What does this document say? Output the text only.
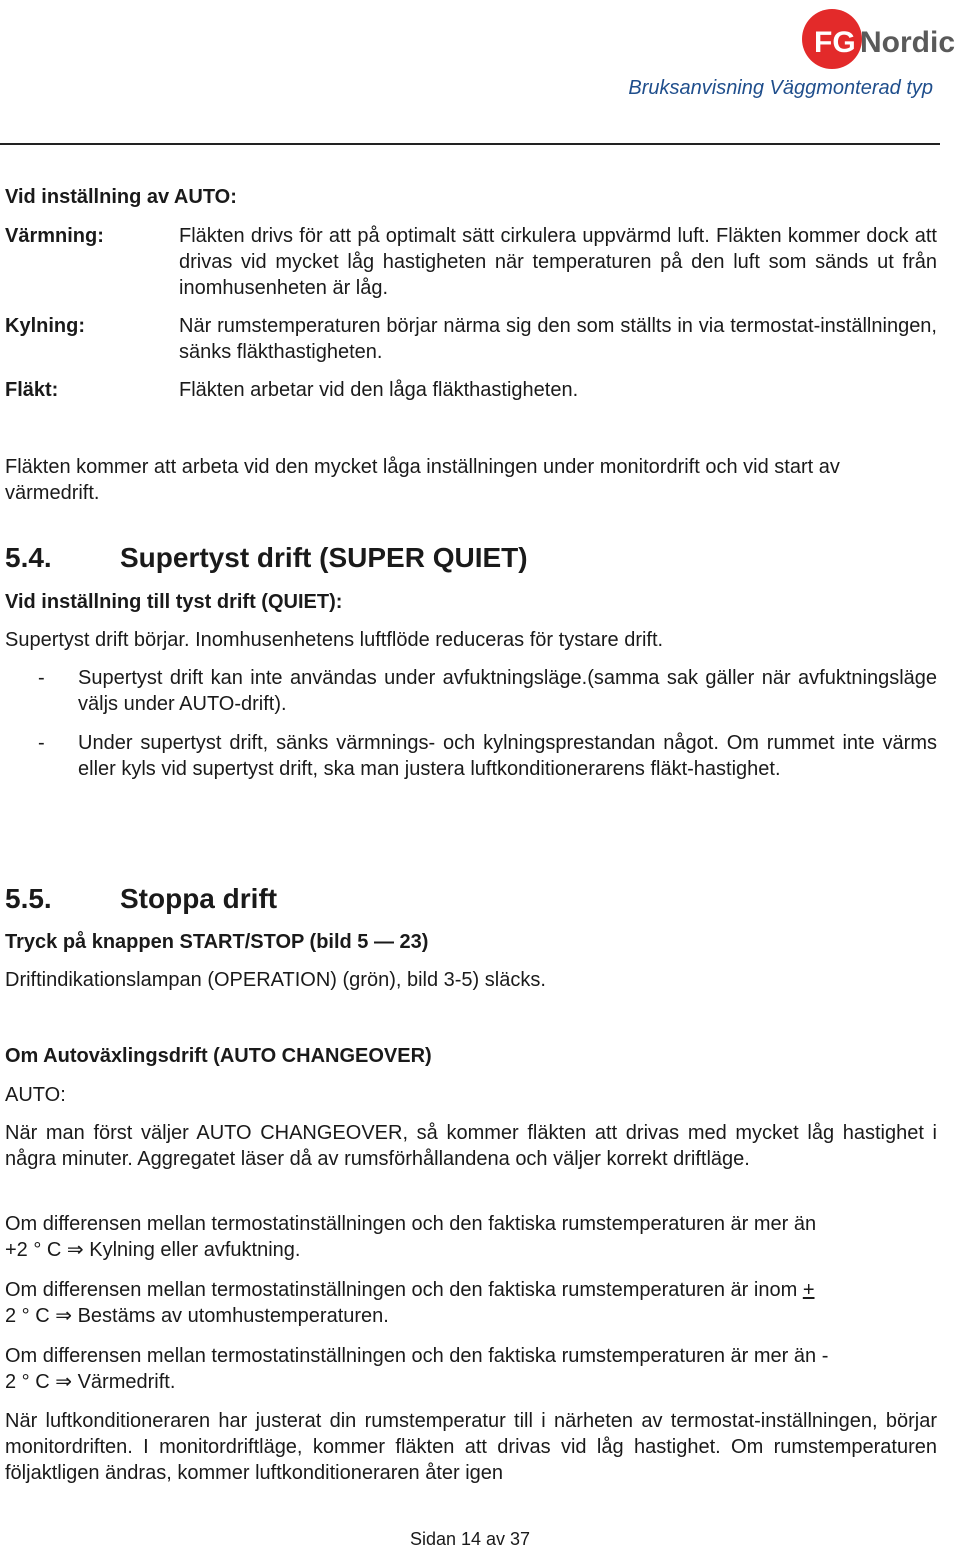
FG Nordic
Bruksanvisning Väggmonterad typ
Vid inställning av AUTO:
Värmning:	Fläkten drivs för att på optimalt sätt cirkulera uppvärmd luft. Fläkten kommer dock att drivas vid mycket låg hastigheten när temperaturen på den luft som sänds ut från inomhusenheten är låg.
Kylning:	När rumstemperaturen börjar närma sig den som ställts in via termostat-inställningen, sänks fläkthastigheten.
Fläkt:	Fläkten arbetar vid den låga fläkthastigheten.
Fläkten kommer att arbeta vid den mycket låga inställningen under monitordrift och vid start av värmedrift.
5.4. Supertyst drift (SUPER QUIET)
Vid inställning till tyst drift (QUIET):
Supertyst drift börjar. Inomhusenhetens luftflöde reduceras för tystare drift.
- Supertyst drift kan inte användas under avfuktningsläge.(samma sak gäller när avfuktningsläge väljs under AUTO-drift).
- Under supertyst drift, sänks värmnings- och kylningsprestandan något. Om rummet inte värms eller kyls vid supertyst drift, ska man justera luftkonditionerarens fläkt-hastighet.
5.5. Stoppa drift
Tryck på knappen START/STOP (bild 5 — 23)
Driftindikationslampan (OPERATION) (grön), bild 3-5) släcks.
Om Autoväxlingsdrift (AUTO CHANGEOVER)
AUTO:
När man först väljer AUTO CHANGEOVER, så kommer fläkten att drivas med mycket låg hastighet i några minuter. Aggregatet läser då av rumsförhållandena och väljer korrekt driftläge.
Om differensen mellan termostatinställningen och den faktiska rumstemperaturen är mer än
+2 ° C ⇒ Kylning eller avfuktning.
Om differensen mellan termostatinställningen och den faktiska rumstemperaturen är inom +
2 ° C ⇒ Bestäms av utomhustemperaturen.
Om differensen mellan termostatinställningen och den faktiska rumstemperaturen är mer än -
2 ° C ⇒ Värmedrift.
När luftkonditioneraren har justerat din rumstemperatur till i närheten av termostat-inställningen, börjar monitordriften. I monitordriftläge, kommer fläkten att drivas vid låg hastighet. Om rumstemperaturen följaktligen ändras, kommer luftkonditioneraren åter igen
Sidan 14 av 37
